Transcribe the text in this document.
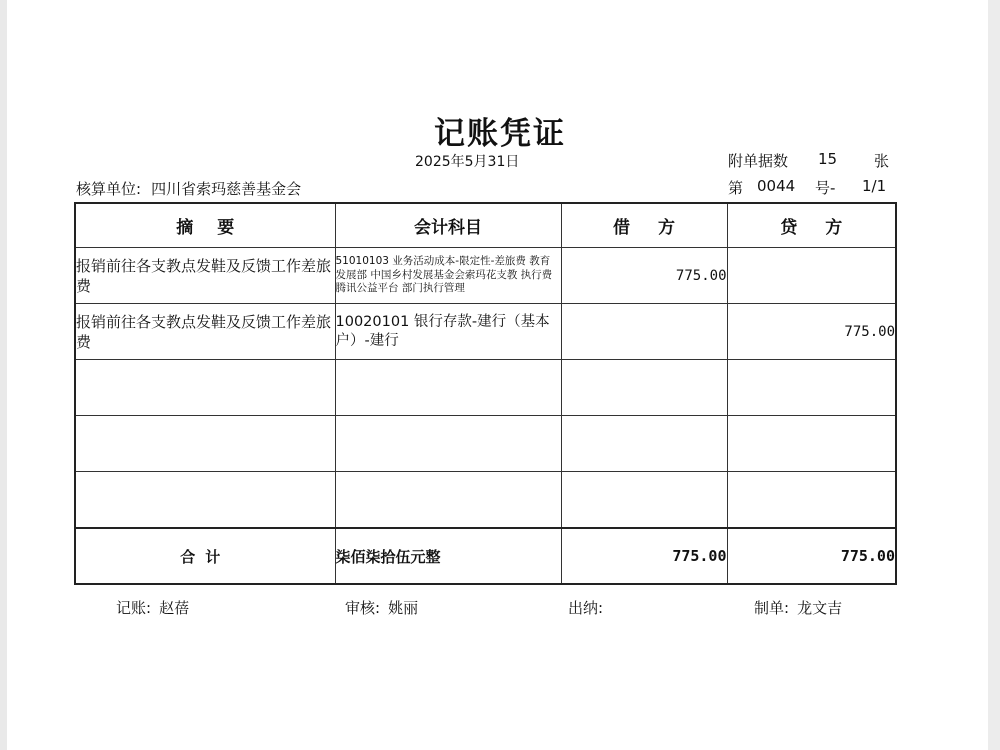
记账凭证
2025年5月31日
核算单位: 四川省索玛慈善基金会
附单据数 15 张
第 0044 号- 1/1
摘要	会计科目	借方	贷方
报销前往各支教点发鞋及反馈工作差旅费	51010103 业务活动成本-限定性-差旅费 教育发展部 中国乡村发展基金会索玛花支教 执行费 腾讯公益平台 部门执行管理	775.00	
报销前往各支教点发鞋及反馈工作差旅费	10020101 银行存款-建行（基本户）-建行		775.00

合计	柒佰柒拾伍元整	775.00	775.00
记账: 赵蓓	审核: 姚丽	出纳:	制单: 龙文吉
